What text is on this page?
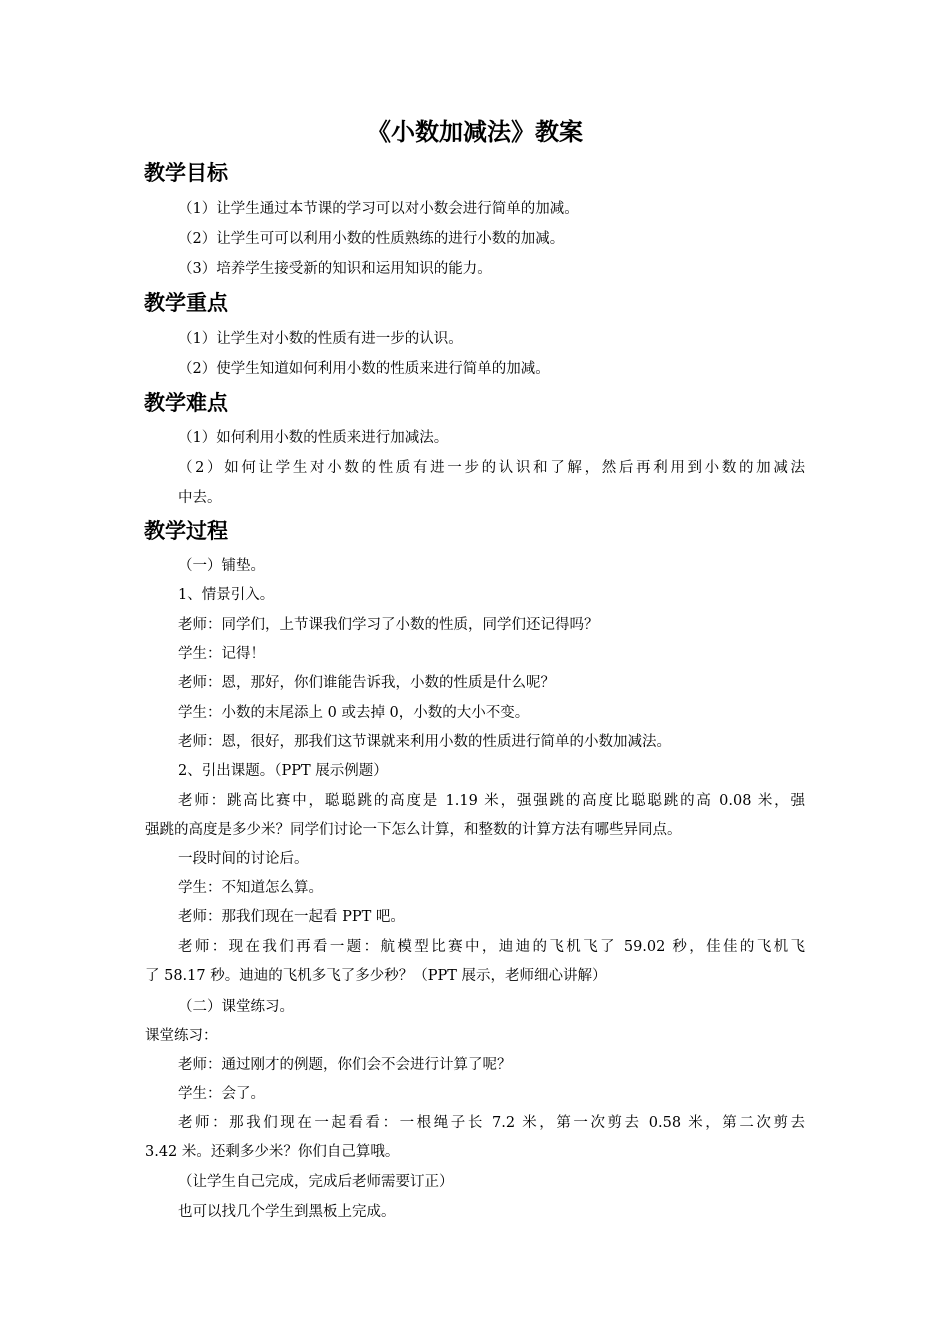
《小数加减法》教案
教学目标
（1）让学生通过本节课的学习可以对小数会进行简单的加减。
（2）让学生可可以利用小数的性质熟练的进行小数的加减。
（3）培养学生接受新的知识和运用知识的能力。
教学重点
（1）让学生对小数的性质有进一步的认识。
（2）使学生知道如何利用小数的性质来进行简单的加减。
教学难点
（1）如何利用小数的性质来进行加减法。
（2）如何让学生对小数的性质有进一步的认识和了解，然后再利用到小数的加减法
中去。
教学过程
（一）铺垫。
1、情景引入。
老师：同学们，上节课我们学习了小数的性质，同学们还记得吗？
学生：记得！
老师：恩，那好，你们谁能告诉我，小数的性质是什么呢？
学生：小数的末尾添上 0 或去掉 0，小数的大小不变。
老师：恩，很好，那我们这节课就来利用小数的性质进行简单的小数加减法。
2、引出课题。（PPT 展示例题）
老师：跳高比赛中，聪聪跳的高度是 1.19 米，强强跳的高度比聪聪跳的高 0.08 米，强
强跳的高度是多少米？同学们讨论一下怎么计算，和整数的计算方法有哪些异同点。
一段时间的讨论后。
学生：不知道怎么算。
老师：那我们现在一起看 PPT 吧。
老师：现在我们再看一题：航模型比赛中，迪迪的飞机飞了 59.02 秒，佳佳的飞机飞
了 58.17 秒。迪迪的飞机多飞了多少秒？（PPT 展示，老师细心讲解）
（二）课堂练习。
课堂练习：
老师：通过刚才的例题，你们会不会进行计算了呢？
学生：会了。
老师：那我们现在一起看看：一根绳子长 7.2 米，第一次剪去 0.58 米，第二次剪去
3.42 米。还剩多少米？你们自己算哦。
（让学生自己完成，完成后老师需要订正）
也可以找几个学生到黑板上完成。
